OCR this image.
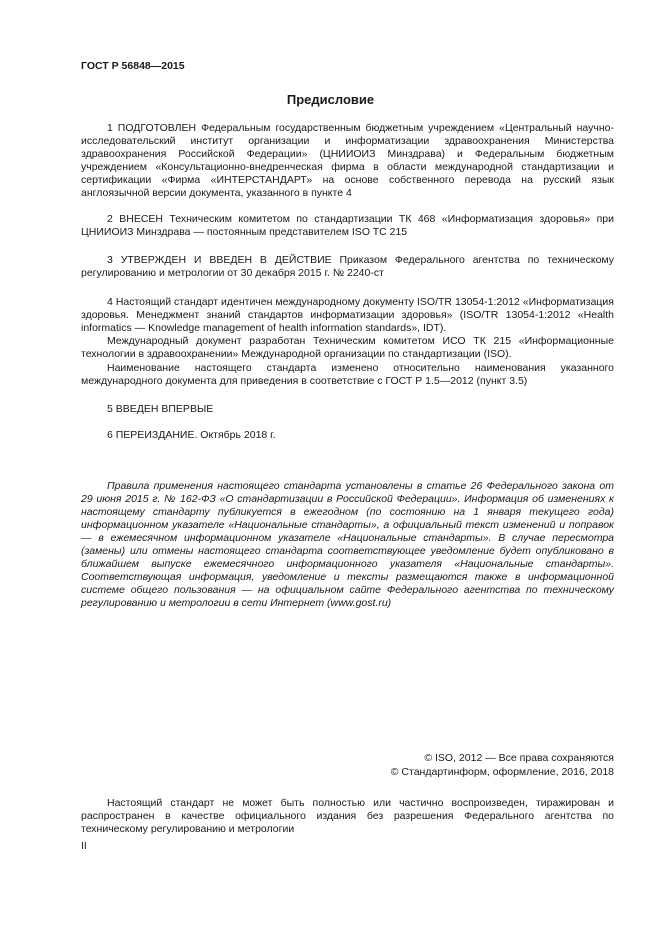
ГОСТ Р 56848—2015
Предисловие

1 ПОДГОТОВЛЕН Федеральным государственным бюджетным учреждением «Центральный научно-исследовательский институт организации и информатизации здравоохранения Министерства здравоохранения Российской Федерации» (ЦНИИОИЗ Минздрава) и Федеральным бюджетным учреждением «Консультационно-внедренческая фирма в области международной стандартизации и сертификации «Фирма «ИНТЕРСТАНДАРТ» на основе собственного перевода на русский язык англоязычной версии документа, указанного в пункте 4

2 ВНЕСЕН Техническим комитетом по стандартизации ТК 468 «Информатизация здоровья» при ЦНИИОИЗ Минздрава — постоянным представителем ISO TC 215

3 УТВЕРЖДЕН И ВВЕДЕН В ДЕЙСТВИЕ Приказом Федерального агентства по техническому регулированию и метрологии от 30 декабря 2015 г. № 2240-ст

4 Настоящий стандарт идентичен международному документу ISO/TR 13054-1:2012 «Информатизация здоровья. Менеджмент знаний стандартов информатизации здоровья» (ISO/TR 13054-1:2012 «Health informatics — Knowledge management of health information standards», IDT).

Международный документ разработан Техническим комитетом ИСО ТК 215 «Информационные технологии в здравоохранении» Международной организации по стандартизации (ISO).

Наименование настоящего стандарта изменено относительно наименования указанного международного документа для приведения в соответствие с ГОСТ Р 1.5—2012 (пункт 3.5)

5 ВВЕДЕН ВПЕРВЫЕ

6 ПЕРЕИЗДАНИЕ. Октябрь 2018 г.

Правила применения настоящего стандарта установлены в статье 26 Федерального закона от 29 июня 2015 г. № 162-ФЗ «О стандартизации в Российской Федерации». Информация об изменениях к настоящему стандарту публикуется в ежегодном (по состоянию на 1 января текущего года) информационном указателе «Национальные стандарты», а официальный текст изменений и поправок — в ежемесячном информационном указателе «Национальные стандарты». В случае пересмотра (замены) или отмены настоящего стандарта соответствующее уведомление будет опубликовано в ближайшем выпуске ежемесячного информационного указателя «Национальные стандарты». Соответствующая информация, уведомление и тексты размещаются также в информационной системе общего пользования — на официальном сайте Федерального агентства по техническому регулированию и метрологии в сети Интернет (www.gost.ru)

© ISO, 2012 — Все права сохраняются
© Стандартинформ, оформление, 2016, 2018

Настоящий стандарт не может быть полностью или частично воспроизведен, тиражирован и распространен в качестве официального издания без разрешения Федерального агентства по техническому регулированию и метрологии

II
